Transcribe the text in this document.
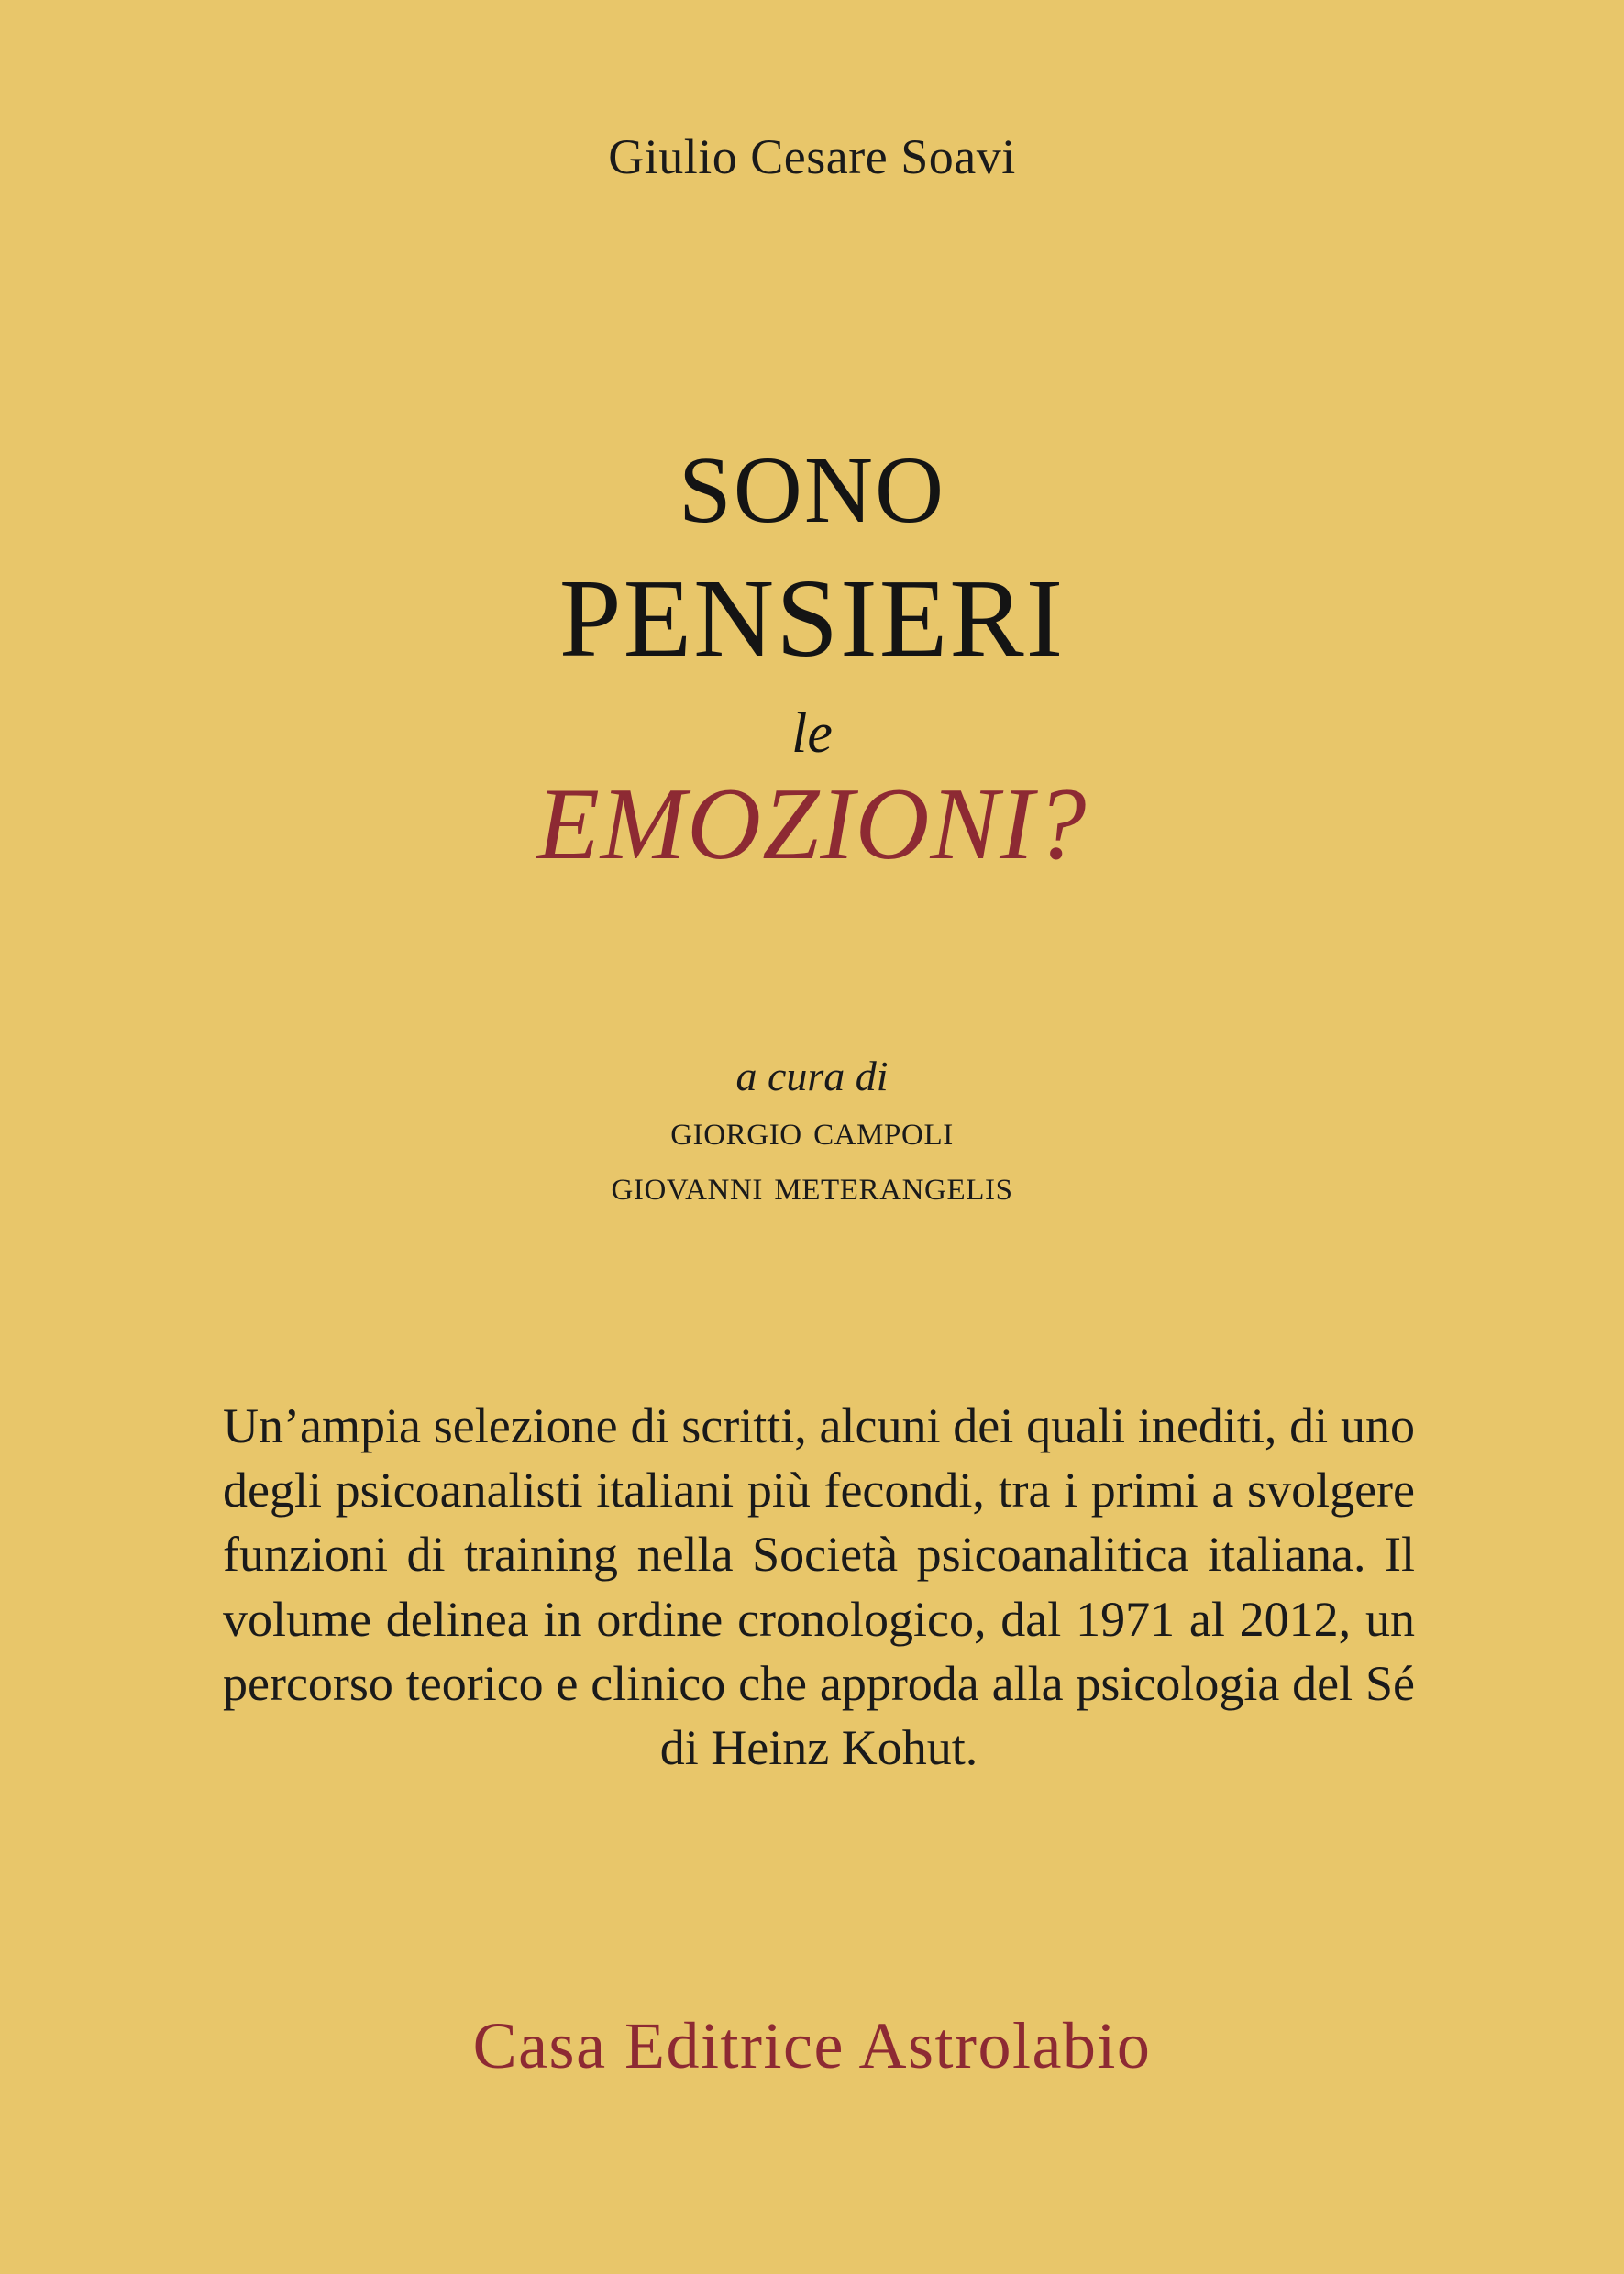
Giulio Cesare Soavi
SONO
PENSIERI
le
EMOZIONI?
a cura di
giorgio campoli
giovanni meterangelis
Un’ampia selezione di scritti, alcuni dei quali inediti, di uno degli psicoanalisti italiani più fecondi, tra i primi a svolgere funzioni di training nella Società psicoanalitica italiana. Il volume delinea in ordine cronologico, dal 1971 al 2012, un percorso teorico e clinico che approda alla psicologia del Sé di Heinz Kohut.
Casa Editrice Astrolabio
